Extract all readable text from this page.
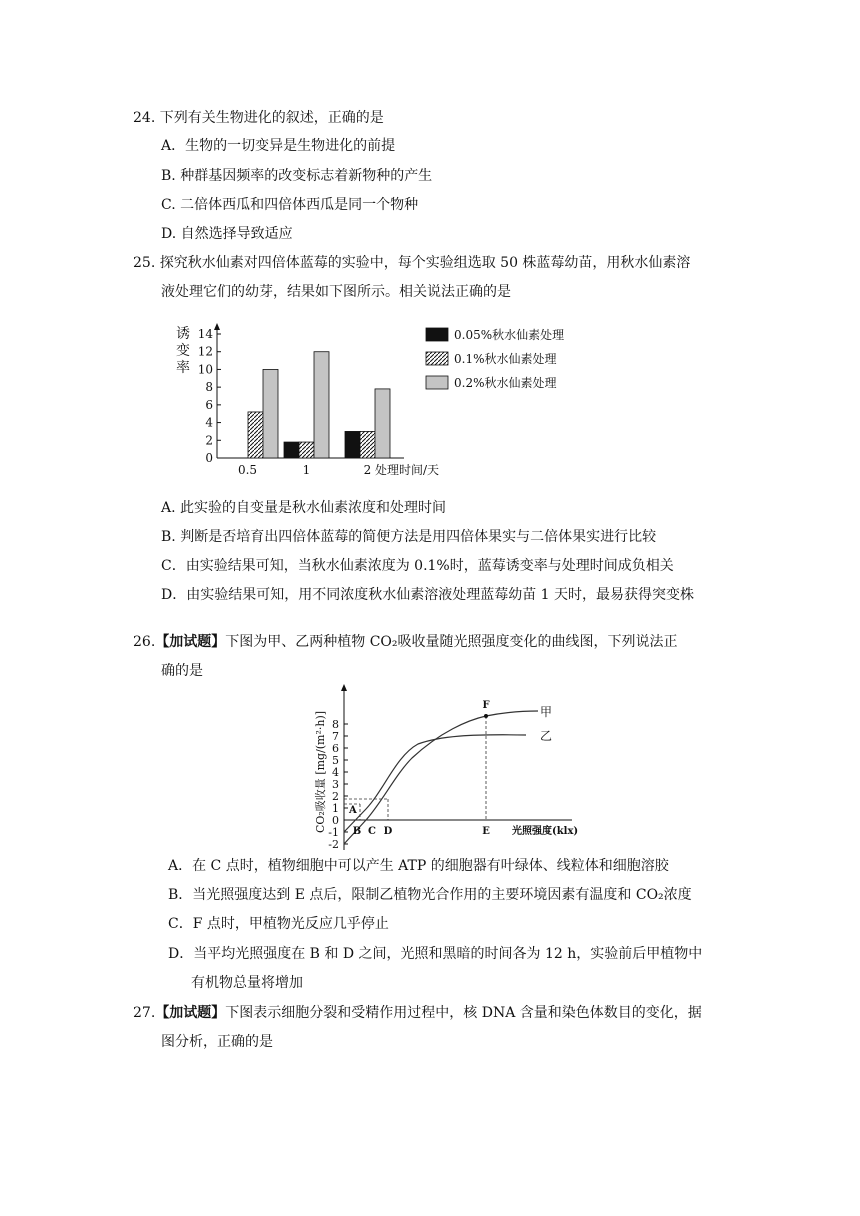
24. 下列有关生物进化的叙述，正确的是
A．生物的一切变异是生物进化的前提
B. 种群基因频率的改变标志着新物种的产生
C. 二倍体西瓜和四倍体西瓜是同一个物种
D. 自然选择导致适应
25. 探究秋水仙素对四倍体蓝莓的实验中，每个实验组选取 50 株蓝莓幼苗，用秋水仙素溶
液处理它们的幼芽，结果如下图所示。相关说法正确的是
0
2
4
6
8
10
12
14
诱
变
率
0.5	1	2 处理时间/天
0.05%秋水仙素处理
0.1%秋水仙素处理
0.2%秋水仙素处理
A. 此实验的自变量是秋水仙素浓度和处理时间
B. 判断是否培育出四倍体蓝莓的简便方法是用四倍体果实与二倍体果实进行比较
C．由实验结果可知，当秋水仙素浓度为 0.1%时，蓝莓诱变率与处理时间成负相关
D．由实验结果可知，用不同浓度秋水仙素溶液处理蓝莓幼苗 1 天时，最易获得突变株
26.【加试题】下图为甲、乙两种植物 CO₂吸收量随光照强度变化的曲线图，下列说法正
确的是
CO₂吸收量 [mg/(m²·h)]
-2
-1
0
1
2
3
4
5
6
7
8
F
A
B C D	E 光照强度(klx)
甲
乙
A．在 C 点时，植物细胞中可以产生 ATP 的细胞器有叶绿体、线粒体和细胞溶胶
B．当光照强度达到 E 点后，限制乙植物光合作用的主要环境因素有温度和 CO₂浓度
C．F 点时，甲植物光反应几乎停止
D．当平均光照强度在 B 和 D 之间，光照和黑暗的时间各为 12 h，实验前后甲植物中
有机物总量将增加
27.【加试题】下图表示细胞分裂和受精作用过程中，核 DNA 含量和染色体数目的变化，据
图分析，正确的是
